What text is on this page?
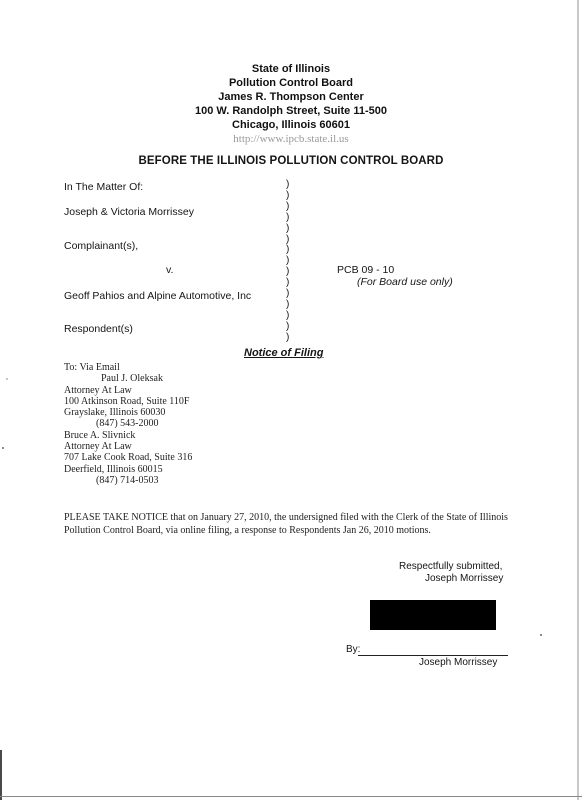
State of Illinois
Pollution Control Board
James R. Thompson Center
100 W. Randolph Street, Suite 11-500
Chicago, Illinois 60601
http://www.ipcb.state.il.us
BEFORE THE ILLINOIS POLLUTION CONTROL BOARD
In The Matter Of:
Joseph & Victoria Morrissey
Complainant(s),
v.
Geoff Pahios and Alpine Automotive, Inc
Respondent(s)
)
)
)
)
)
)
)
)
)
)
)
)
)
)
)
PCB 09 - 10
(For Board use only)
Notice of Filing
To: Via Email
Paul J. Oleksak
Attorney At Law
100 Atkinson Road, Suite 110F
Grayslake, Illinois 60030
(847) 543-2000
Bruce A. Slivnick
Attorney At Law
707 Lake Cook Road, Suite 316
Deerfield, Illinois 60015
(847) 714-0503
PLEASE TAKE NOTICE that on January 27, 2010, the undersigned filed with the Clerk of the State of Illinois Pollution Control Board, via online filing, a response to Respondents Jan 26, 2010 motions.
Respectfully submitted,
Joseph Morrissey
By:
Joseph Morrissey
